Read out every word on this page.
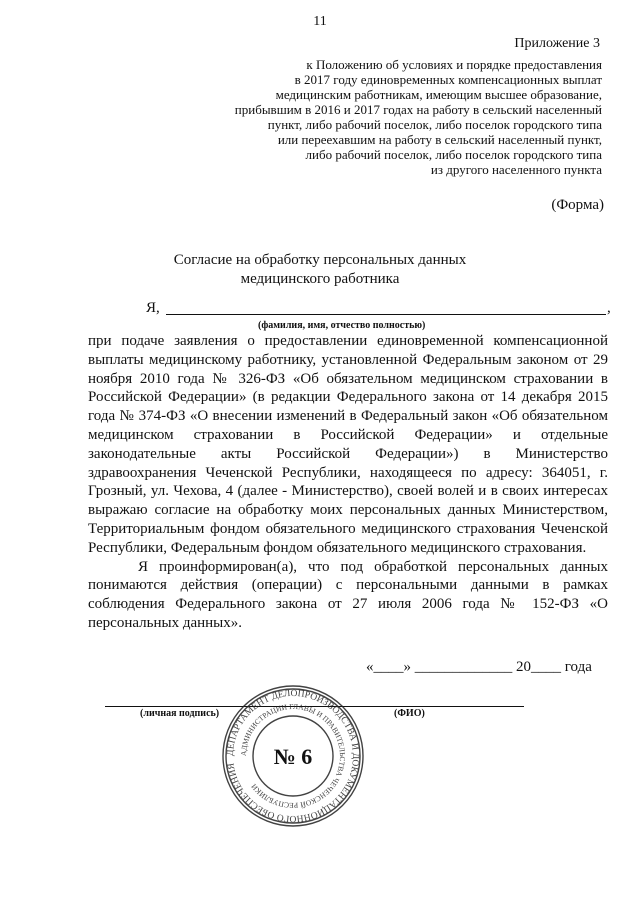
11
Приложение 3
к Положению об условиях и порядке предоставления
в 2017 году единовременных компенсационных выплат
медицинским работникам, имеющим высшее образование,
прибывшим в 2016 и 2017 годах на работу в сельский населенный
пункт, либо рабочий поселок, либо поселок городского типа
или переехавшим на работу в сельский населенный пункт,
либо рабочий поселок, либо поселок городского типа
из другого населенного пункта
(Форма)
Согласие на обработку персональных данных
медицинского работника
Я,	,
(фамилия, имя, отчество полностью)

при подаче заявления о предоставлении единовременной компенсационной выплаты медицинскому работнику, установленной Федеральным законом от 29 ноября 2010 года № 326-ФЗ «Об обязательном медицинском страховании в Российской Федерации» (в редакции Федерального закона от 14 декабря 2015 года № 374-ФЗ «О внесении изменений в Федеральный закон «Об обязательном медицинском страховании в Российской Федерации» и отдельные законодательные акты Российской Федерации») в Министерство здравоохранения Чеченской Республики, находящееся по адресу: 364051, г. Грозный, ул. Чехова, 4 (далее - Министерство), своей волей и в своих интересах выражаю согласие на обработку моих персональных данных Министерством, Территориальным фондом обязательного медицинского страхования Чеченской Республики, Федеральным фондом обязательного медицинского страхования.

Я проинформирован(а), что под обработкой персональных данных понимаются действия (операции) с персональными данными в рамках соблюдения Федерального закона от 27 июля 2006 года № 152-ФЗ «О персональных данных».

«____» _____________ 20____ года
(личная подпись)	(ФИО)
ДЕПАРТАМЕНТ ДЕЛОПРОИЗВОДСТВА И ДОКУМЕНТАЦИОННОГО ОБЕСПЕЧЕНИЯ
АДМИНИСТРАЦИИ ГЛАВЫ И ПРАВИТЕЛЬСТВА ЧЕЧЕНСКОЙ РЕСПУБЛИКИ
№ 6
